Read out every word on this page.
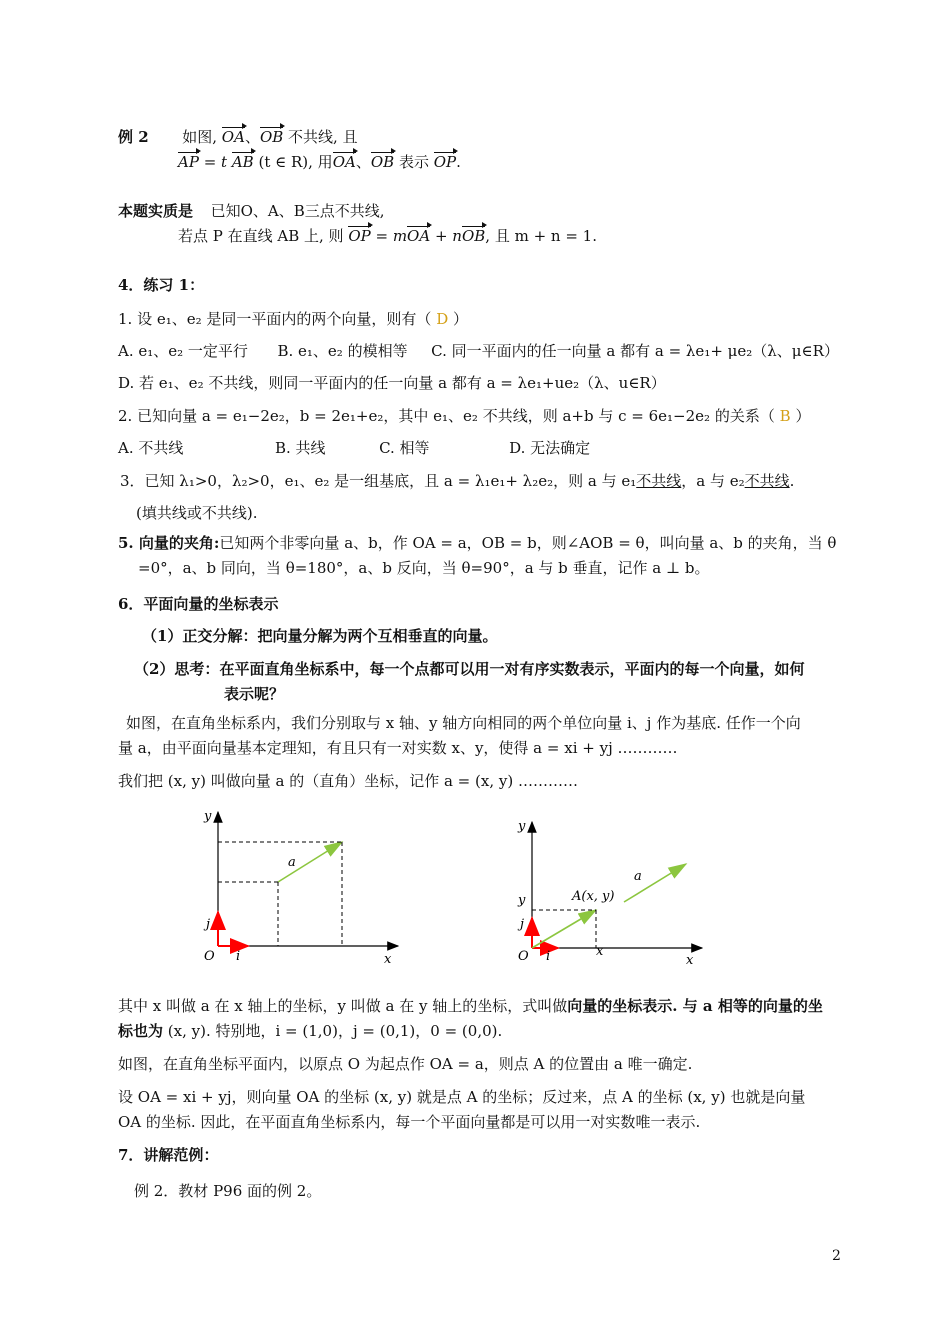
例 2 如图, OA、OB 不共线, 且
AP = t AB (t ∈ R), 用OA、OB 表示 OP.
本题实质是 已知O、A、B三点不共线,
若点 P 在直线 AB 上, 则 OP = mOA + nOB, 且 m + n = 1.
4．练习 1：
1. 设 e₁、e₂ 是同一平面内的两个向量，则有（ D ）
A. e₁、e₂ 一定平行 B. e₁、e₂ 的模相等 C. 同一平面内的任一向量 a 都有 a = λe₁+ μe₂（λ、μ∈R）
D. 若 e₁、e₂ 不共线，则同一平面内的任一向量 a 都有 a = λe₁+ue₂（λ、u∈R）
2. 已知向量 a = e₁−2e₂，b = 2e₁+e₂，其中 e₁、e₂ 不共线，则 a+b 与 c = 6e₁−2e₂ 的关系（ B ）
A. 不共线	B. 共线	C. 相等	D. 无法确定
3．已知 λ₁>0，λ₂>0，e₁、e₂ 是一组基底，且 a = λ₁e₁+ λ₂e₂，则 a 与 e₁不共线，a 与 e₂不共线.
(填共线或不共线).
5. 向量的夹角:已知两个非零向量 a、b，作 OA = a，OB = b，则∠AOB = θ，叫向量 a、b 的夹角，当 θ
=0°，a、b 同向，当 θ=180°，a、b 反向，当 θ=90°，a 与 b 垂直，记作 a ⊥ b。
6．平面向量的坐标表示
（1）正交分解：把向量分解为两个互相垂直的向量。
（2）思考：在平面直角坐标系中，每一个点都可以用一对有序实数表示，平面内的每一个向量，如何
表示呢？
如图，在直角坐标系内，我们分别取与 x 轴、y 轴方向相同的两个单位向量 i、j 作为基底. 任作一个向
量 a，由平面向量基本定理知，有且只有一对实数 x、y，使得 a = xi + yj …………
我们把 (x, y) 叫做向量 a 的（直角）坐标，记作 a = (x, y) …………
y
a
j
O i	x
y
y
a
A(x, y)
j
O i	x
x
其中 x 叫做 a 在 x 轴上的坐标，y 叫做 a 在 y 轴上的坐标，式叫做向量的坐标表示. 与 a 相等的向量的坐
标也为 (x, y). 特别地，i = (1,0)，j = (0,1)，0 = (0,0).
如图，在直角坐标平面内，以原点 O 为起点作 OA = a，则点 A 的位置由 a 唯一确定.
设 OA = xi + yj，则向量 OA 的坐标 (x, y) 就是点 A 的坐标；反过来，点 A 的坐标 (x, y) 也就是向量
OA 的坐标. 因此，在平面直角坐标系内，每一个平面向量都是可以用一对实数唯一表示.
7．讲解范例：
例 2．教材 P96 面的例 2。
2
